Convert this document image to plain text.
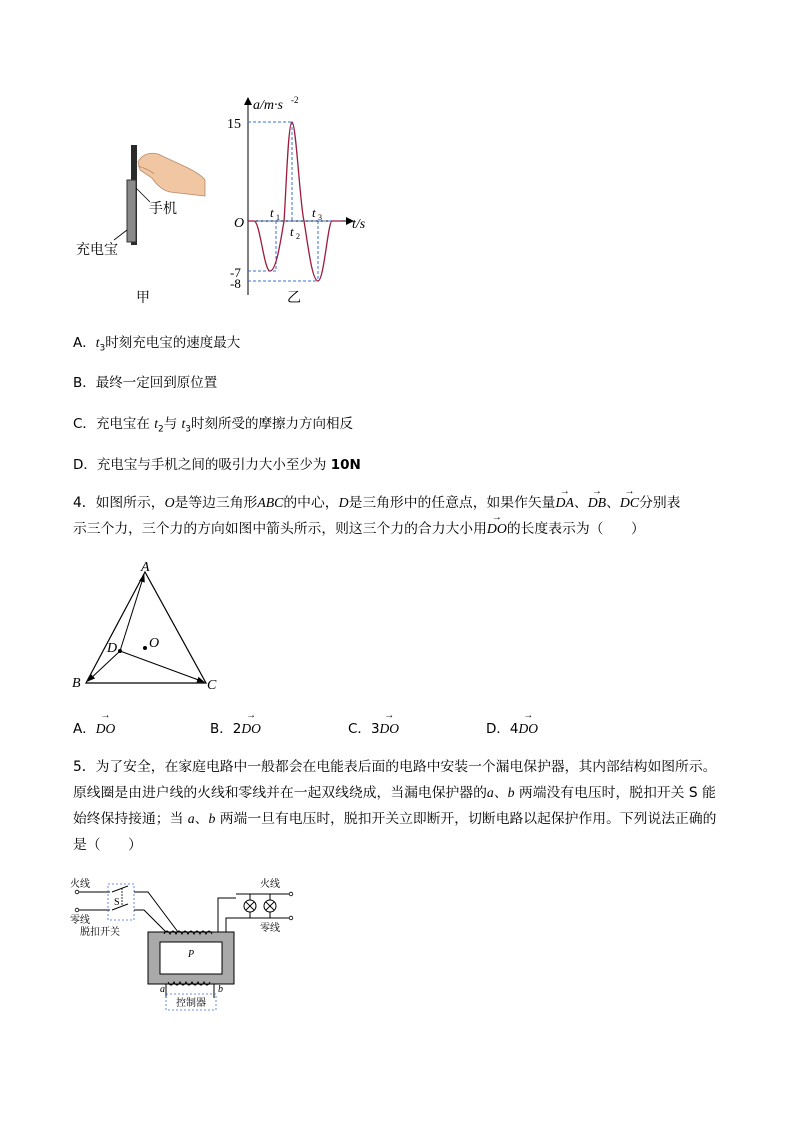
手机
充电宝
甲
a/m·s -2
15
O
-7
-8
t/s
t 1
t 2
t 3
乙
A．$t_3$时刻充电宝的速度最大
B．最终一定回到原位置
C．充电宝在 $t_2$与 $t_3$时刻所受的摩擦力方向相反
D．充电宝与手机之间的吸引力大小至少为 10N
4．如图所示，O是等边三角形ABC的中心，D是三角形中的任意点，如果作矢量→ DA、→ DB、→ DC分别表
示三个力，三个力的方向如图中箭头所示，则这三个力的合力大小用→ DO的长度表示为（　　）
A
B	C
D O
A．→ DO	B．2→ DO	C．3→ DO	D．4→ DO
5．为了安全，在家庭电路中一般都会在电能表后面的电路中安装一个漏电保护器，其内部结构如图所示。
原线圈是由进户线的火线和零线并在一起双线绕成，当漏电保护器的a、b 两端没有电压时，脱扣开关 S 能
始终保持接通；当 a、b 两端一旦有电压时，脱扣开关立即断开，切断电路以起保护作用。下列说法正确的
是（　　）
火线
零线
S
脱扣开关
火线
零线
P
a	b
控制器
